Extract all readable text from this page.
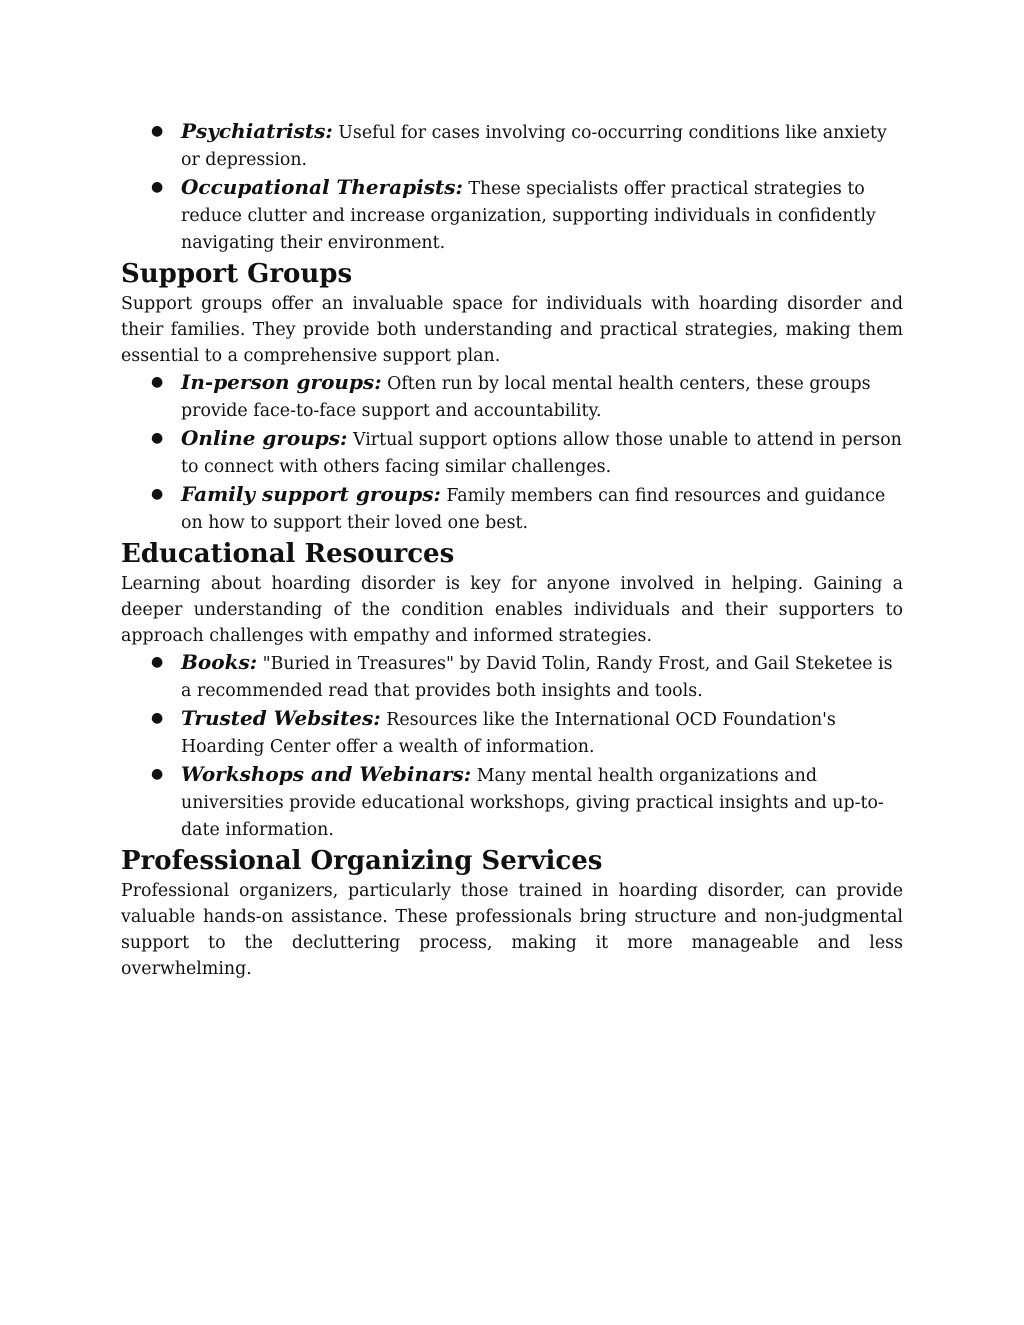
● Psychiatrists: Useful for cases involving co-occurring conditions like anxiety or depression.
● Occupational Therapists: These specialists offer practical strategies to reduce clutter and increase organization, supporting individuals in confidently navigating their environment.
Support Groups

Support groups offer an invaluable space for individuals with hoarding disorder and their families. They provide both understanding and practical strategies, making them essential to a comprehensive support plan.

● In-person groups: Often run by local mental health centers, these groups provide face-to-face support and accountability.
● Online groups: Virtual support options allow those unable to attend in person to connect with others facing similar challenges.
● Family support groups: Family members can find resources and guidance on how to support their loved one best.
Educational Resources

Learning about hoarding disorder is key for anyone involved in helping. Gaining a deeper understanding of the condition enables individuals and their supporters to approach challenges with empathy and informed strategies.

● Books: "Buried in Treasures" by David Tolin, Randy Frost, and Gail Steketee is a recommended read that provides both insights and tools.
● Trusted Websites: Resources like the International OCD Foundation's Hoarding Center offer a wealth of information.
● Workshops and Webinars: Many mental health organizations and universities provide educational workshops, giving practical insights and up-to-date information.
Professional Organizing Services

Professional organizers, particularly those trained in hoarding disorder, can provide valuable hands-on assistance. These professionals bring structure and non-judgmental support to the decluttering process, making it more manageable and less overwhelming.
